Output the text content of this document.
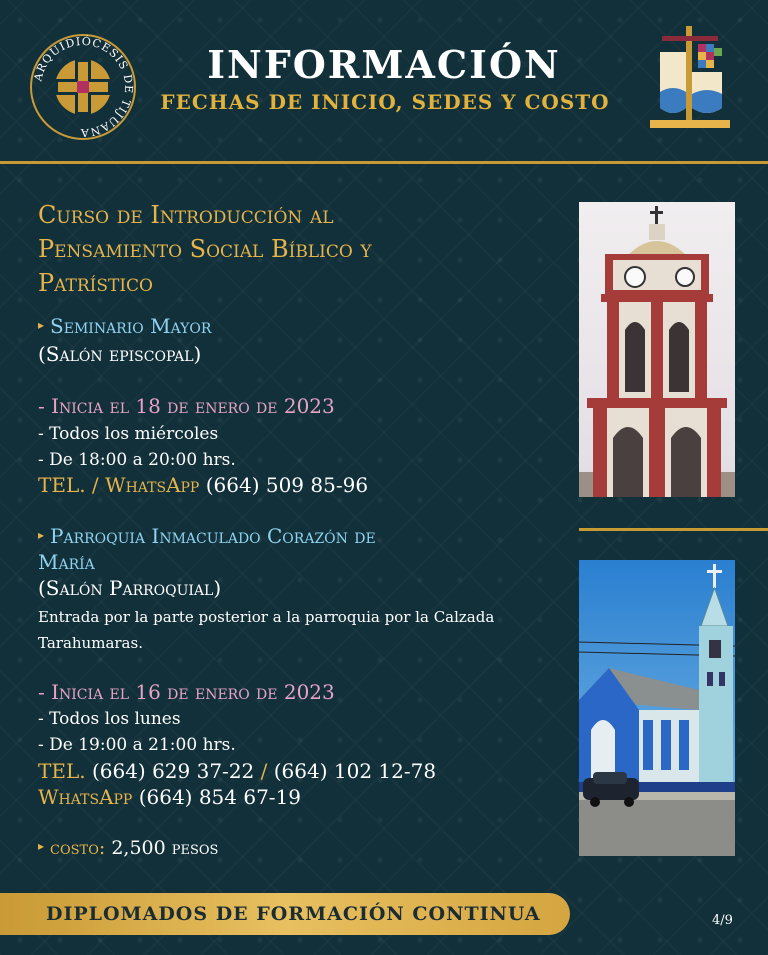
ARQUIDIÓCESIS DE TIJUANA
INFORMACIÓN
FECHAS DE INICIO, SEDES Y COSTO
Curso de Introducción al
Pensamiento Social Bíblico y
Patrístico
▸ Seminario Mayor
(Salón episcopal)
- Inicia el 18 de enero de 2023
- Todos los miércoles
- De 18:00 a 20:00 hrs.
TEL. / WhatsApp (664) 509 85-96
▸ Parroquia Inmaculado Corazón de
María
(Salón Parroquial)
Entrada por la parte posterior a la parroquia por la Calzada
Tarahumaras.
- Inicia el 16 de enero de 2023
- Todos los lunes
- De 19:00 a 21:00 hrs.
TEL. (664) 629 37-22 / (664) 102 12-78
WhatsApp (664) 854 67-19
▸ costo: 2,500 pesos
DIPLOMADOS DE FORMACIÓN CONTINUA	4/9
